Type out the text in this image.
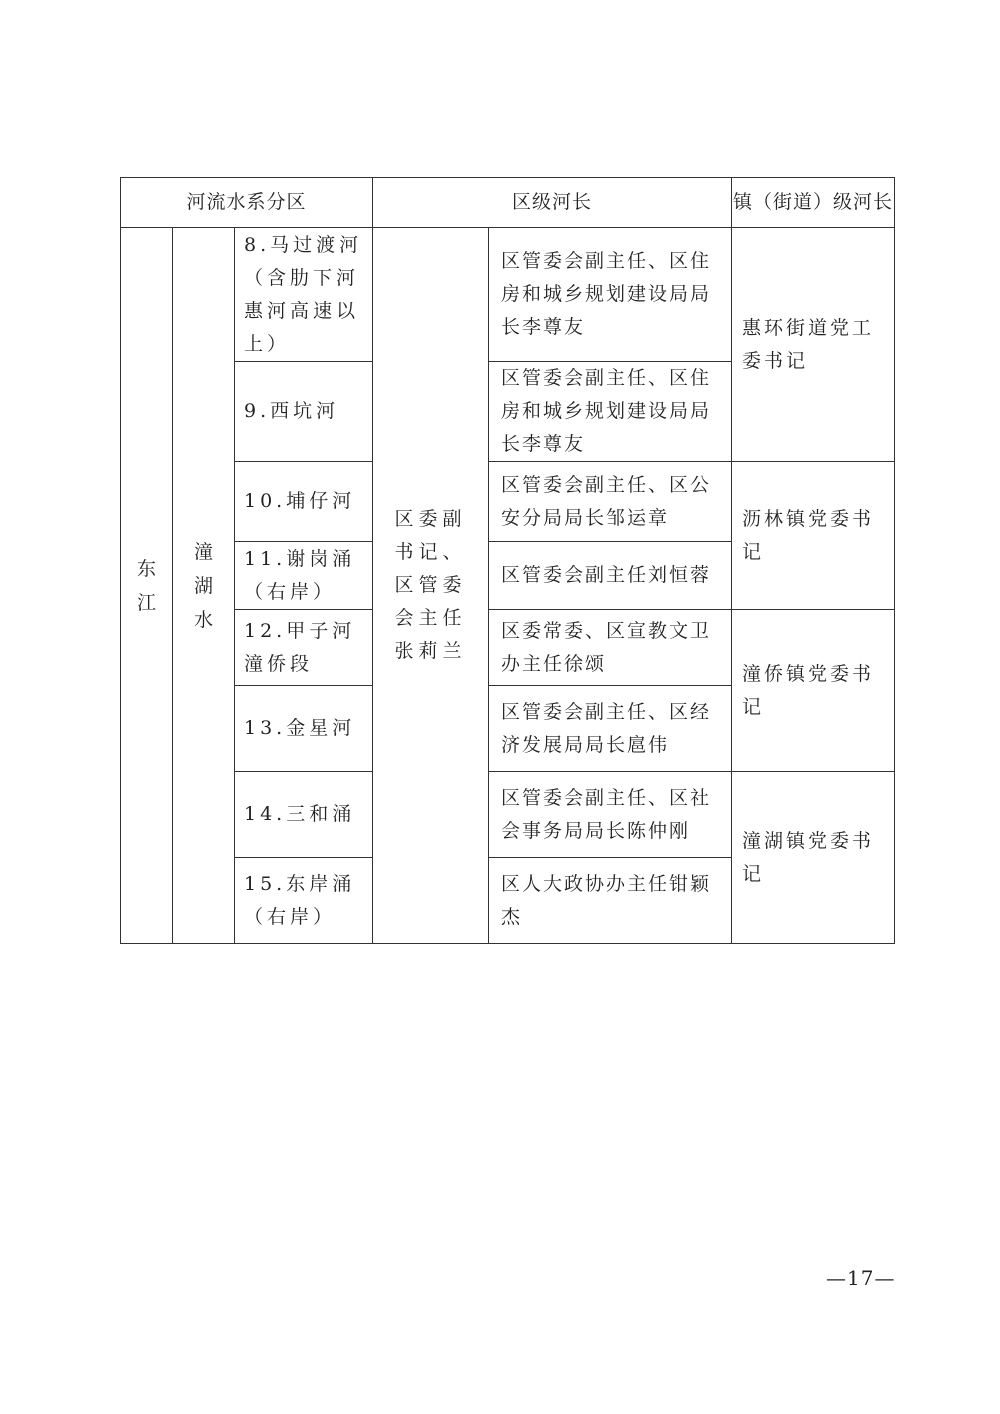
河流水系分区			区级河长		镇（街道）级河长
东江	潼湖水	8.马过渡河（含肋下河惠河高速以上）	区委副书记、区管委会主任张莉兰	区管委会副主任、区住房和城乡规划建设局局长李尊友	惠环街道党工委书记
		9.西坑河		区管委会副主任、区住房和城乡规划建设局局长李尊友	
		10.埔仔河		区管委会副主任、区公安分局局长邹运章	沥林镇党委书记
		11.谢岗涌（右岸）		区管委会副主任刘恒蓉	
		12.甲子河潼侨段		区委常委、区宣教文卫办主任徐颂	潼侨镇党委书记
		13.金星河		区管委会副主任、区经济发展局局长扈伟	
		14.三和涌		区管委会副主任、区社会事务局局长陈仲刚	潼湖镇党委书记
		15.东岸涌（右岸）		区人大政协办主任钳颖杰	
—17—
